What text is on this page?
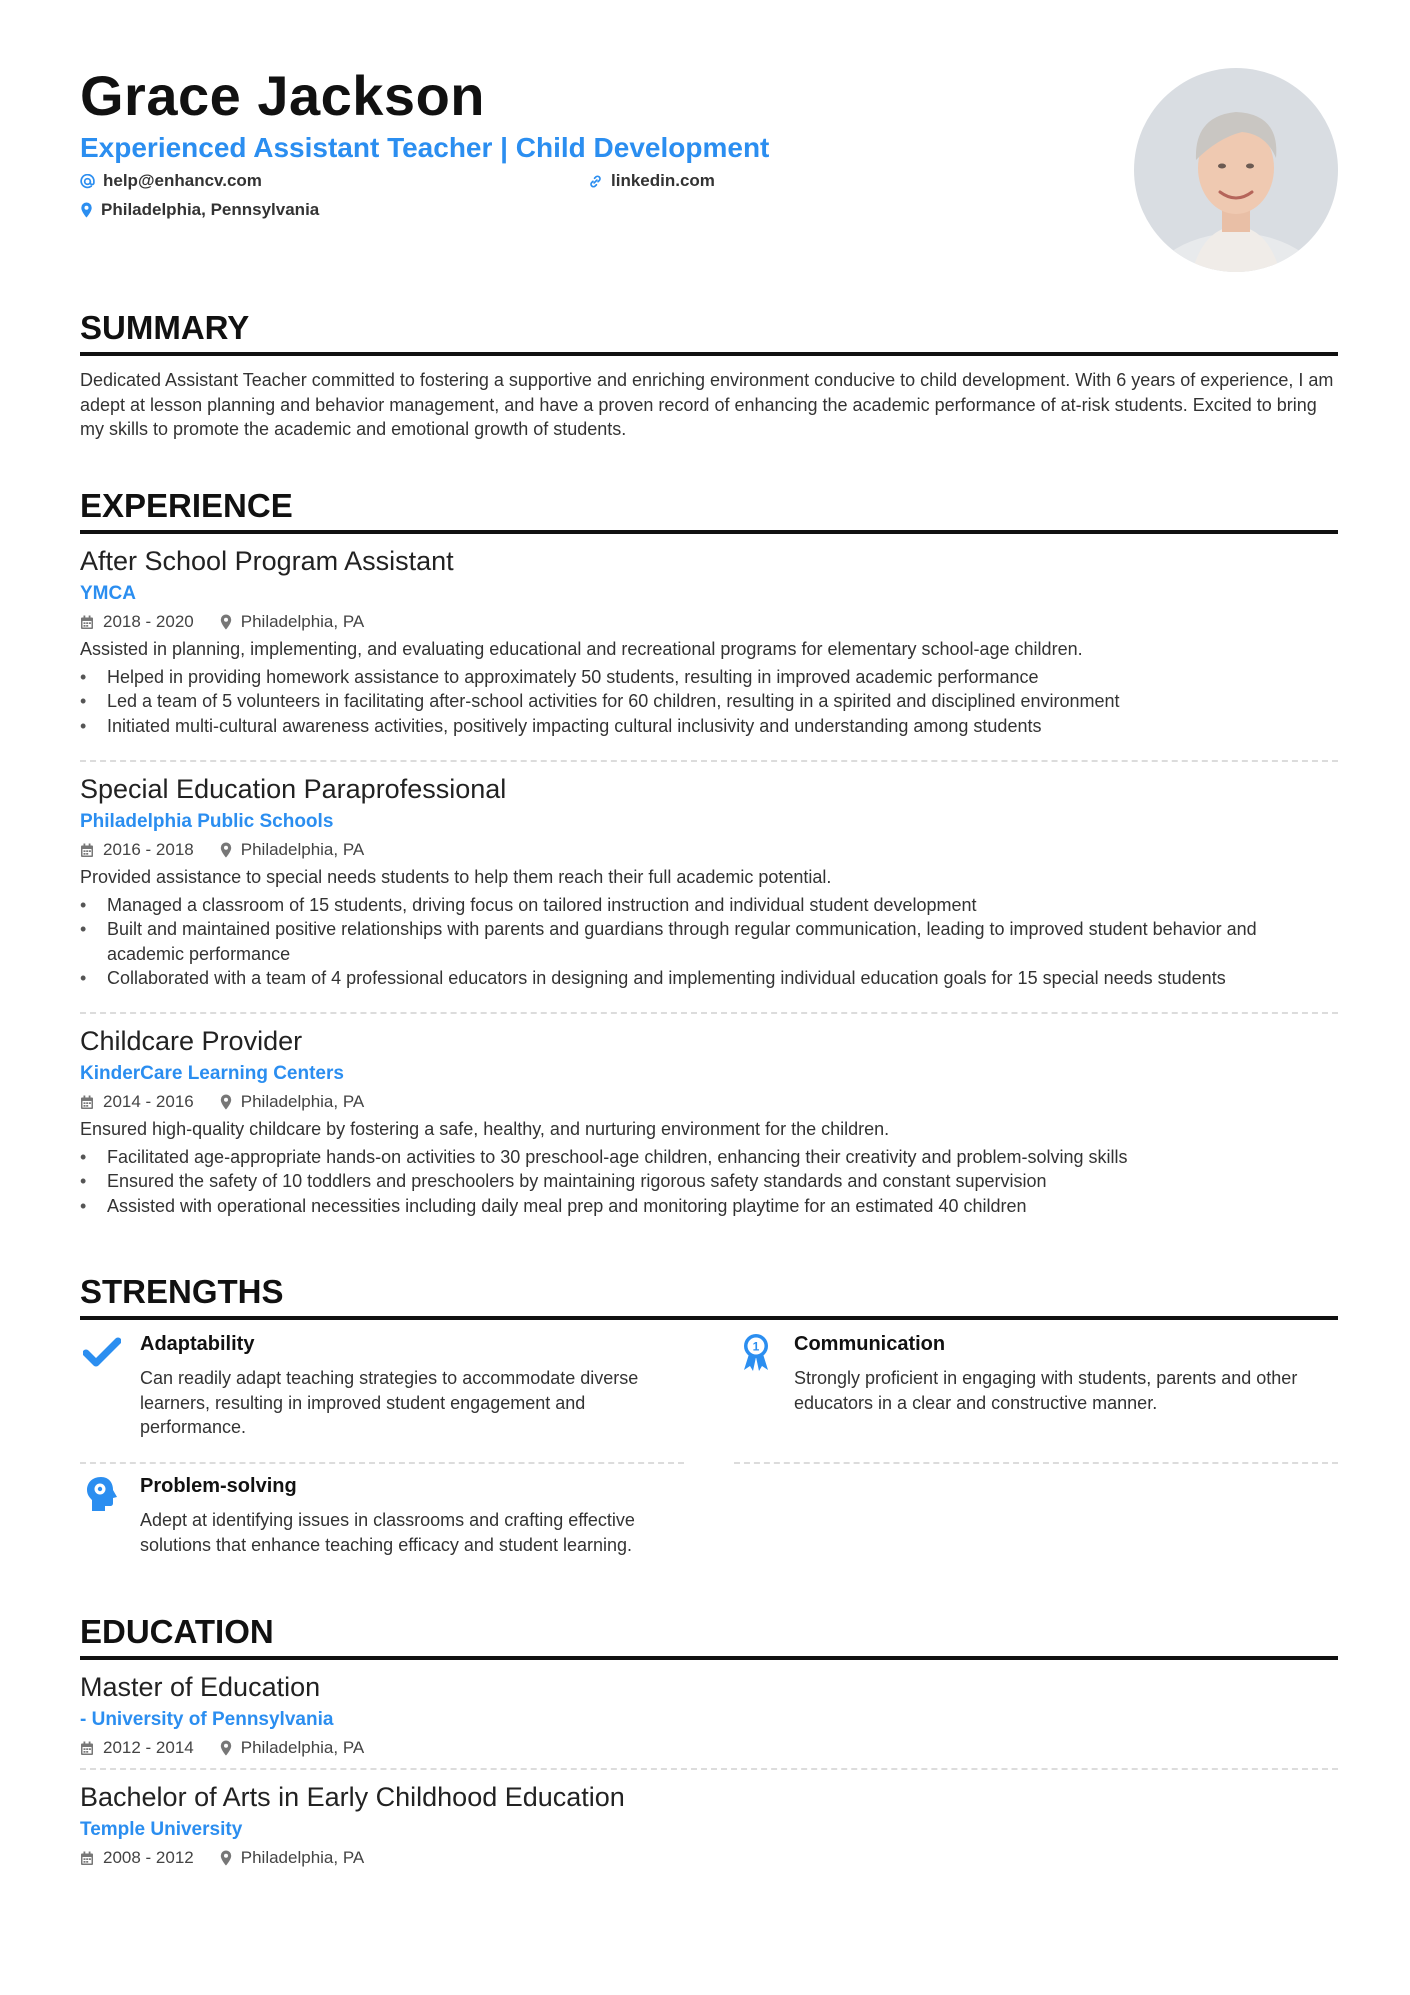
Grace Jackson
Experienced Assistant Teacher | Child Development
help@enhancv.com	linkedin.com
Philadelphia, Pennsylvania
SUMMARY

Dedicated Assistant Teacher committed to fostering a supportive and enriching environment conducive to child development. With 6 years of experience, I am adept at lesson planning and behavior management, and have a proven record of enhancing the academic performance of at-risk students. Excited to bring my skills to promote the academic and emotional growth of students.

EXPERIENCE

After School Program Assistant

YMCA
2018 - 2020	Philadelphia, PA
Assisted in planning, implementing, and evaluating educational and recreational programs for elementary school-age children.
• Helped in providing homework assistance to approximately 50 students, resulting in improved academic performance
• Led a team of 5 volunteers in facilitating after-school activities for 60 children, resulting in a spirited and disciplined environment
• Initiated multi-cultural awareness activities, positively impacting cultural inclusivity and understanding among students

Special Education Paraprofessional

Philadelphia Public Schools
2016 - 2018	Philadelphia, PA
Provided assistance to special needs students to help them reach their full academic potential.
• Managed a classroom of 15 students, driving focus on tailored instruction and individual student development
• Built and maintained positive relationships with parents and guardians through regular communication, leading to improved student behavior and academic performance
• Collaborated with a team of 4 professional educators in designing and implementing individual education goals for 15 special needs students

Childcare Provider

KinderCare Learning Centers
2014 - 2016	Philadelphia, PA
Ensured high-quality childcare by fostering a safe, healthy, and nurturing environment for the children.
• Facilitated age-appropriate hands-on activities to 30 preschool-age children, enhancing their creativity and problem-solving skills
• Ensured the safety of 10 toddlers and preschoolers by maintaining rigorous safety standards and constant supervision
• Assisted with operational necessities including daily meal prep and monitoring playtime for an estimated 40 children
STRENGTHS
Adaptability
Can readily adapt teaching strategies to accommodate diverse learners, resulting in improved student engagement and performance.
1 Communication
Strongly proficient in engaging with students, parents and other educators in a clear and constructive manner.
Problem-solving
Adept at identifying issues in classrooms and crafting effective solutions that enhance teaching efficacy and student learning.
EDUCATION

Master of Education

- University of Pennsylvania
2012 - 2014	Philadelphia, PA

Bachelor of Arts in Early Childhood Education

Temple University
2008 - 2012	Philadelphia, PA
